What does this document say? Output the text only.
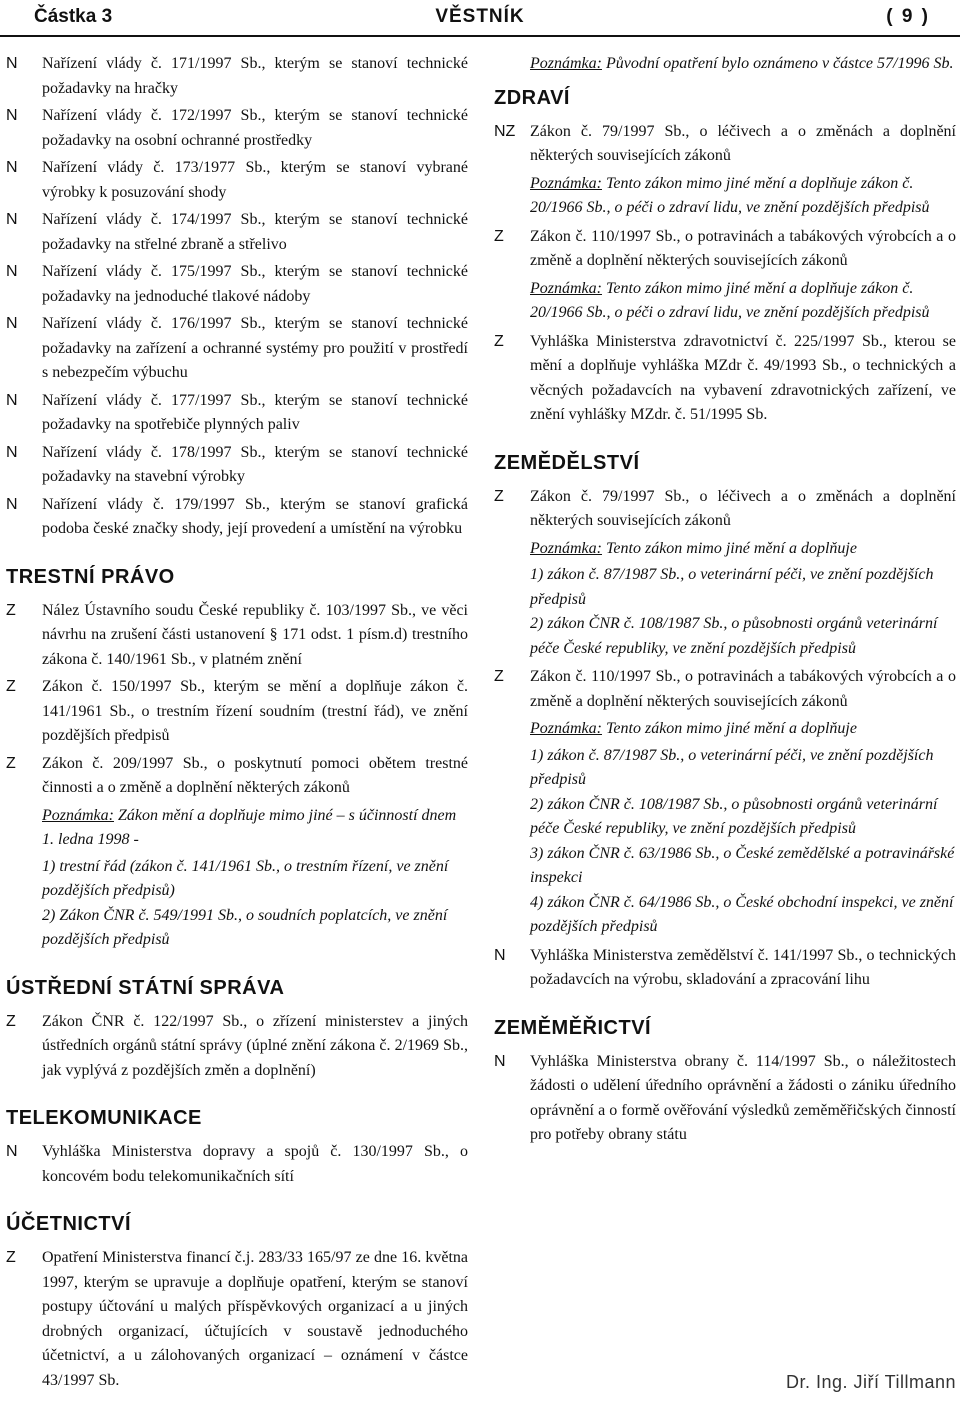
VĚSTNÍK
Částka 3	( 9 )
N Nařízení vlády č. 171/1997 Sb., kterým se stanoví technické požadavky na hračky
N Nařízení vlády č. 172/1997 Sb., kterým se stanoví technické požadavky na osobní ochranné prostředky
N Nařízení vlády č. 173/1977 Sb., kterým se stanoví vybrané výrobky k posuzování shody
N Nařízení vlády č. 174/1997 Sb., kterým se stanoví technické požadavky na střelné zbraně a střelivo
N Nařízení vlády č. 175/1997 Sb., kterým se stanoví technické požadavky na jednoduché tlakové nádoby
N Nařízení vlády č. 176/1997 Sb., kterým se stanoví technické požadavky na zařízení a ochranné systémy pro použití v prostředí s nebezpečím výbuchu
N Nařízení vlády č. 177/1997 Sb., kterým se stanoví technické požadavky na spotřebiče plynných paliv
N Nařízení vlády č. 178/1997 Sb., kterým se stanoví technické požadavky na stavební výrobky
N Nařízení vlády č. 179/1997 Sb., kterým se stanoví grafická podoba české značky shody, její provedení a umístění na výrobku
TRESTNÍ PRÁVO
Z Nález Ústavního soudu České republiky č. 103/1997 Sb., ve věci návrhu na zrušení části ustanovení § 171 odst. 1 písm.d) trestního zákona č. 140/1961 Sb., v platném znění
Z Zákon č. 150/1997 Sb., kterým se mění a doplňuje zákon č. 141/1961 Sb., o trestním řízení soudním (trestní řád), ve znění pozdějších předpisů
Z Zákon č. 209/1997 Sb., o poskytnutí pomoci obětem trestné činnosti a o změně a doplnění některých zákonů
Poznámka: Zákon mění a doplňuje mimo jiné – s účinností dnem 1. ledna 1998 -
1) trestní řád (zákon č. 141/1961 Sb., o trestním řízení, ve znění pozdějších předpisů)
2) Zákon ČNR č. 549/1991 Sb., o soudních poplatcích, ve znění pozdějších předpisů
ÚSTŘEDNÍ STÁTNÍ SPRÁVA
Z Zákon ČNR č. 122/1997 Sb., o zřízení ministerstev a jiných ústředních orgánů státní správy (úplné znění zákona č. 2/1969 Sb., jak vyplývá z pozdějších změn a doplnění)
TELEKOMUNIKACE
N Vyhláška Ministerstva dopravy a spojů č. 130/1997 Sb., o koncovém bodu telekomunikačních sítí
ÚČETNICTVÍ
Z Opatření Ministerstva financí č.j. 283/33 165/97 ze dne 16. května 1997, kterým se upravuje a doplňuje opatření, kterým se stanoví postupy účtování u malých příspěvkových organizací a u jiných drobných organizací, účtujících v soustavě jednoduchého účetnictví, a u zálohovaných organizací – oznámení v částce 43/1997 Sb.
Poznámka: Původní opatření bylo oznámeno v částce 57/1996 Sb.
ZDRAVÍ
NZ Zákon č. 79/1997 Sb., o léčivech a o změnách a doplnění některých souvisejících zákonů
Poznámka: Tento zákon mimo jiné mění a doplňuje zákon č. 20/1966 Sb., o péči o zdraví lidu, ve znění pozdějších předpisů
Z Zákon č. 110/1997 Sb., o potravinách a tabákových výrobcích a o změně a doplnění některých souvisejících zákonů
Poznámka: Tento zákon mimo jiné mění a doplňuje zákon č. 20/1966 Sb., o péči o zdraví lidu, ve znění pozdějších předpisů
Z Vyhláška Ministerstva zdravotnictví č. 225/1997 Sb., kterou se mění a doplňuje vyhláška MZdr č. 49/1993 Sb., o technických a věcných požadavcích na vybavení zdravotnických zařízení, ve znění vyhlášky MZdr. č. 51/1995 Sb.
ZEMĚDĚLSTVÍ
Z Zákon č. 79/1997 Sb., o léčivech a o změnách a doplnění některých souvisejících zákonů
Poznámka: Tento zákon mimo jiné mění a doplňuje
1) zákon č. 87/1987 Sb., o veterinární péči, ve znění pozdějších předpisů
2) zákon ČNR č. 108/1987 Sb., o působnosti orgánů veterinární péče České republiky, ve znění pozdějších předpisů
Z Zákon č. 110/1997 Sb., o potravinách a tabákových výrobcích a o změně a doplnění některých souvisejících zákonů
Poznámka: Tento zákon mimo jiné mění a doplňuje
1) zákon č. 87/1987 Sb., o veterinární péči, ve znění pozdějších předpisů
2) zákon ČNR č. 108/1987 Sb., o působnosti orgánů veterinární péče České republiky, ve znění pozdějších předpisů
3) zákon ČNR č. 63/1986 Sb., o České zemědělské a potravinářské inspekci
4) zákon ČNR č. 64/1986 Sb., o České obchodní inspekci, ve znění pozdějších předpisů
N Vyhláška Ministerstva zemědělství č. 141/1997 Sb., o technických požadavcích na výrobu, skladování a zpracování lihu
ZEMĚMĚŘICTVÍ
N Vyhláška Ministerstva obrany č. 114/1997 Sb., o náležitostech žádosti o udělení úředního oprávnění a žádosti o zániku úředního oprávnění a o formě ověřování výsledků zeměměřičských činností pro potřeby obrany státu
Dr. Ing. Jiří Tillmann
